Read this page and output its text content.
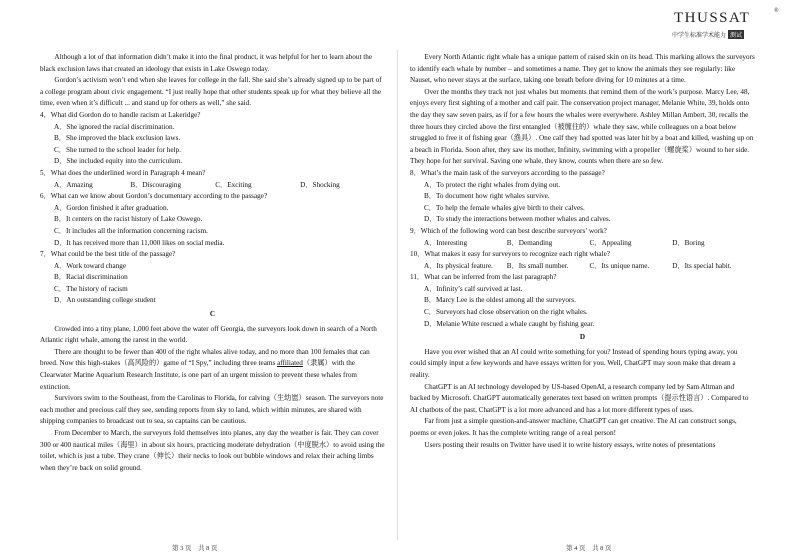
THUSSAT	®
中学生标准学术能力 测试

Although a lot of that information didn’t make it into the final product, it was helpful for her to learn about the black exclusion laws that created an ideology that exists in Lake Oswego today.

Gordon’s activism won’t end when she leaves for college in the fall. She said she’s already signed up to be part of a college program about civic engagement. “I just really hope that other students speak up for what they believe all the time, even when it’s difficult ... and stand up for others as well,” she said.

4．What did Gordon do to handle racism at Lakeridge?

A．She ignored the racial discrimination.

B．She improved the black exclusion laws.

C．She turned to the school leader for help.

D．She included equity into the curriculum.

5．What does the underlined word in Paragraph 4 mean?

A．Amazing	B．Discouraging	C．Exciting	D．Shocking

6．What can we know about Gordon’s documentary according to the passage?

A．Gordon finished it after graduation.

B．It centers on the racist history of Lake Oswego.

C．It includes all the information concerning racism.

D．It has received more than 11,000 likes on social media.

7．What could be the best title of the passage?

A．Work toward change

B．Racial discrimination

C．The history of racism

D．An outstanding college student

C

Crowded into a tiny plane, 1,000 feet above the water off Georgia, the surveyors look down in search of a North Atlantic right whale, among the rarest in the world.

There are thought to be fewer than 400 of the right whales alive today, and no more than 100 females that can breed. Now this high-stakes（高风险的）game of “I Spy,” including three teams affiliated（隶属）with the Clearwater Marine Aquarium Research Institute, is one part of an urgent mission to prevent these whales from extinction.

Survivors swim to the Southeast, from the Carolinas to Florida, for calving（生幼崽）season. The surveyors note each mother and precious calf they see, sending reports from sky to land, which within minutes, are shared with shipping companies to broadcast out to sea, so captains can be cautious.

From December to March, the surveyors fold themselves into planes, any day the weather is fair. They can cover 300 or 400 nautical miles（海里）in about six hours, practicing moderate dehydration（中度脱水）to avoid using the toilet, which is just a tube. They crane（伸长）their necks to look out bubble windows and relax their aching limbs when they’re back on solid ground.

Every North Atlantic right whale has a unique pattern of raised skin on its head. This marking allows the surveyors to identify each whale by number – and sometimes a name. They get to know the animals they see regularly: like Nauset, who never stays at the surface, taking one breath before diving for 10 minutes at a time.

Over the months they track not just whales but moments that remind them of the work’s purpose. Marcy Lee, 48, enjoys every first sighting of a mother and calf pair. The conservation project manager, Melanie White, 39, holds onto the day they saw seven pairs, as if for a few hours the whales were everywhere. Ashley Millan Ambert, 30, recalls the three hours they circled above the first entangled（被缠住的）whale they saw, while colleagues on a boat below struggled to free it of fishing gear（渔具）. One calf they had spotted was later hit by a boat and killed, washing up on a beach in Florida. Soon after, they saw its mother, Infinity, swimming with a propeller（螺旋桨）wound to her side. They hope for her survival. Saving one whale, they know, counts when there are so few.

8．What’s the main task of the surveyors according to the passage?

A．To protect the right whales from dying out.

B．To document how right whales survive.

C．To help the female whales give birth to their calves.

D．To study the interactions between mother whales and calves.

9．Which of the following word can best describe surveyors’ work?

A．Interesting	B．Demanding	C．Appealing	D．Boring

10．What makes it easy for surveyors to recognize each right whale?

A．Its physical feature.	B．Its small number.	C．Its unique name.	D．Its special habit.

11．What can be inferred from the last paragraph?

A．Infinity’s calf survived at last.

B．Marcy Lee is the oldest among all the surveyors.

C．Surveyors had close observation on the right whales.

D．Melanie White rescued a whale caught by fishing gear.

D

Have you ever wished that an AI could write something for you? Instead of spending hours typing away, you could simply input a few keywords and have essays written for you. Well, ChatGPT may soon make that dream a reality.

ChatGPT is an AI technology developed by US-based OpenAI, a research company led by Sam Altman and backed by Microsoft. ChatGPT automatically generates text based on written prompts（提示性语言）. Compared to AI chatbots of the past, ChatGPT is a lot more advanced and has a lot more different types of uses.

Far from just a simple question-and-answer machine, ChatGPT can get creative. The AI can construct songs, poems or even jokes. It has the complete writing range of a real person!

Users posting their results on Twitter have used it to write history essays, write notes of presentations

第 3 页　共 8 页	第 4 页　共 8 页
